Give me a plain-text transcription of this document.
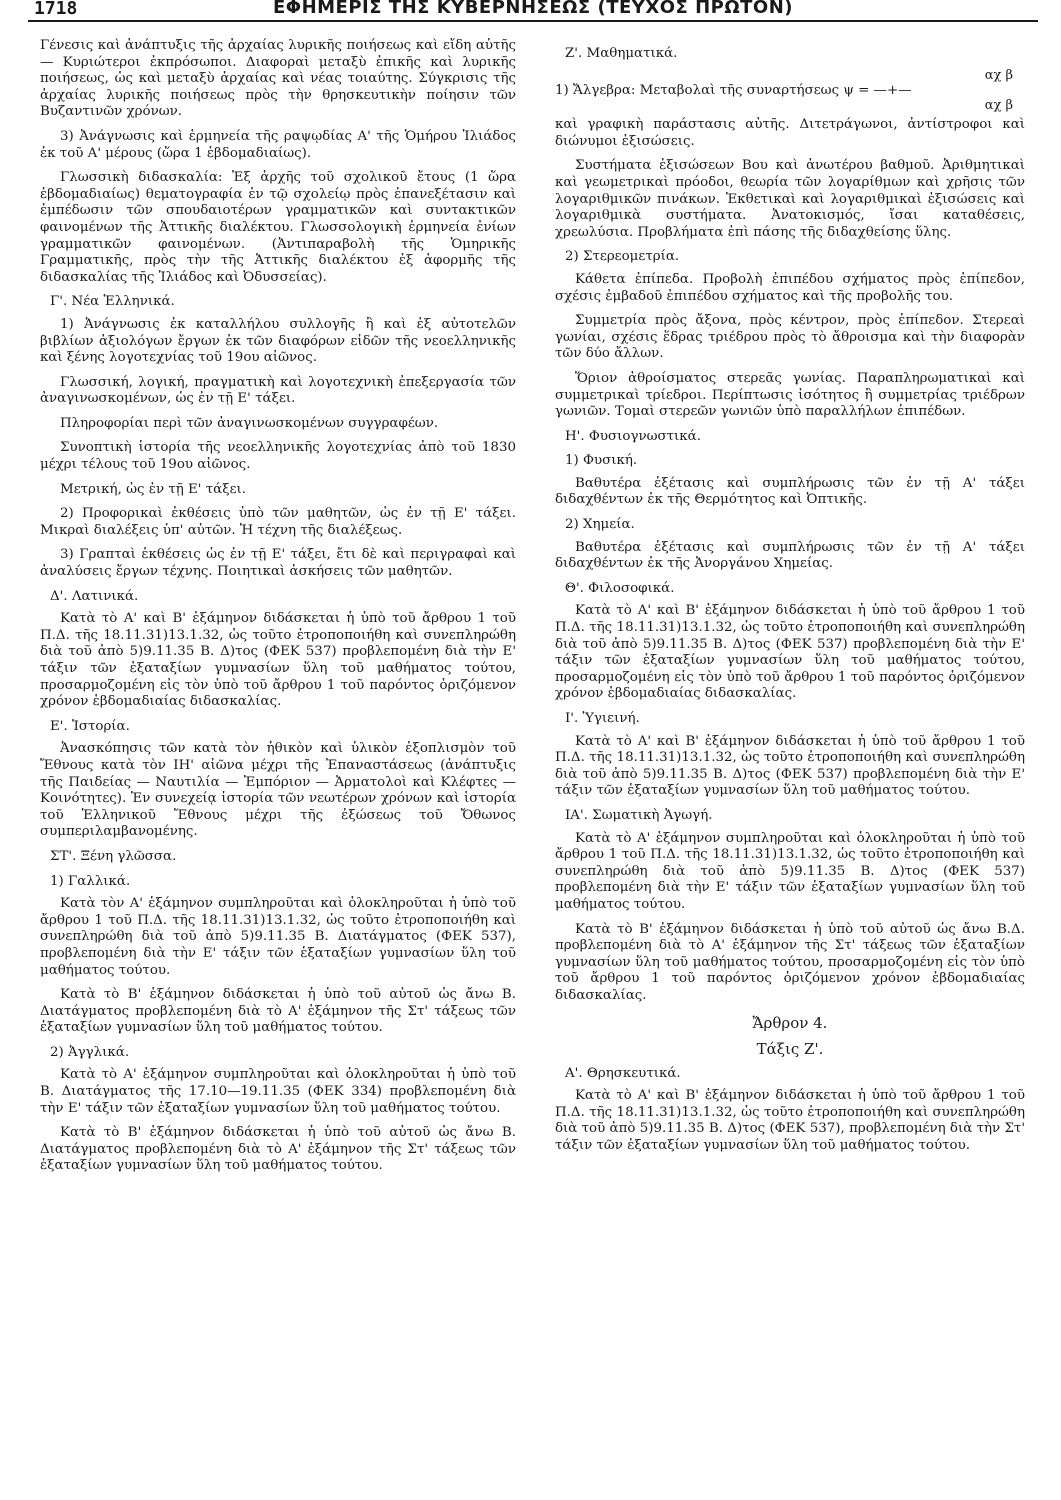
1718	ΕΦΗΜΕΡΙΣ ΤΗΣ ΚΥΒΕΡΝΗΣΕΩΣ (ΤΕΥΧΟΣ ΠΡΩΤΟΝ)

Γένεσις καὶ ἀνάπτυξις τῆς ἀρχαίας λυρικῆς ποιήσεως καὶ εἴδη αὐτῆς — Κυριώτεροι ἐκπρόσωποι. Διαφοραὶ μεταξὺ ἐπικῆς καὶ λυρικῆς ποιήσεως, ὡς καὶ μεταξὺ ἀρχαίας καὶ νέας τοιαύτης. Σύγκρισις τῆς ἀρχαίας λυρικῆς ποιήσεως πρὸς τὴν θρησκευτικὴν ποίησιν τῶν Βυζαντινῶν χρόνων.

3) Ἀνάγνωσις καὶ ἑρμηνεία τῆς ραψῳδίας Α' τῆς Ὁμήρου Ἰλιάδος ἐκ τοῦ Α' μέρους (ὥρα 1 ἑβδομαδιαίως).

Γλωσσικὴ διδασκαλία: Ἐξ ἀρχῆς τοῦ σχολικοῦ ἔτους (1 ὥρα ἑβδομαδιαίως) θεματογραφία ἐν τῷ σχολείῳ πρὸς ἐπανεξέτασιν καὶ ἐμπέδωσιν τῶν σπουδαιοτέρων γραμματικῶν καὶ συντακτικῶν φαινομένων τῆς Ἀττικῆς διαλέκτου. Γλωσσολογικὴ ἑρμηνεία ἐνίων γραμματικῶν φαινομένων. (Ἀντιπαραβολὴ τῆς Ὁμηρικῆς Γραμματικῆς, πρὸς τὴν τῆς Ἀττικῆς διαλέκτου ἐξ ἀφορμῆς τῆς διδασκαλίας τῆς Ἰλιάδος καὶ Ὀδυσσείας).

Γ'. Νέα Ἑλληνικά.

1) Ἀνάγνωσις ἐκ καταλλήλου συλλογῆς ἢ καὶ ἐξ αὐτοτελῶν βιβλίων ἀξιολόγων ἔργων ἐκ τῶν διαφόρων εἰδῶν τῆς νεοελληνικῆς καὶ ξένης λογοτεχνίας τοῦ 19ου αἰῶνος.

Γλωσσική, λογική, πραγματικὴ καὶ λογοτεχνικὴ ἐπεξεργασία τῶν ἀναγινωσκομένων, ὡς ἐν τῇ Ε' τάξει.

Πληροφορίαι περὶ τῶν ἀναγινωσκομένων συγγραφέων.

Συνοπτικὴ ἱστορία τῆς νεοελληνικῆς λογοτεχνίας ἀπὸ τοῦ 1830 μέχρι τέλους τοῦ 19ου αἰῶνος.

Μετρική, ὡς ἐν τῇ Ε' τάξει.

2) Προφορικαὶ ἐκθέσεις ὑπὸ τῶν μαθητῶν, ὡς ἐν τῇ Ε' τάξει. Μικραὶ διαλέξεις ὑπ' αὐτῶν. Ἡ τέχνη τῆς διαλέξεως.

3) Γραπταὶ ἐκθέσεις ὡς ἐν τῇ Ε' τάξει, ἔτι δὲ καὶ περιγραφαὶ καὶ ἀναλύσεις ἔργων τέχνης. Ποιητικαὶ ἀσκήσεις τῶν μαθητῶν.

Δ'. Λατινικά.

Κατὰ τὸ Α' καὶ Β' ἑξάμηνον διδάσκεται ἡ ὑπὸ τοῦ ἄρθρου 1 τοῦ Π.Δ. τῆς 18.11.31)13.1.32, ὡς τοῦτο ἐτροποποιήθη καὶ συνεπληρώθη διὰ τοῦ ἀπὸ 5)9.11.35 Β. Δ)τος (ΦΕΚ 537) προβλεπομένη διὰ τὴν Ε' τάξιν τῶν ἑξαταξίων γυμνασίων ὕλη τοῦ μαθήματος τούτου, προσαρμοζομένη εἰς τὸν ὑπὸ τοῦ ἄρθρου 1 τοῦ παρόντος ὁριζόμενον χρόνον ἑβδομαδιαίας διδασκαλίας.

Ε'. Ἱστορία.

Ἀνασκόπησις τῶν κατὰ τὸν ἠθικὸν καὶ ὑλικὸν ἐξοπλισμὸν τοῦ Ἔθνους κατὰ τὸν ΙΗ' αἰῶνα μέχρι τῆς Ἐπαναστάσεως (ἀνάπτυξις τῆς Παιδείας — Ναυτιλία — Ἐμπόριον — Ἀρματολοὶ καὶ Κλέφτες — Κοινότητες). Ἐν συνεχείᾳ ἱστορία τῶν νεωτέρων χρόνων καὶ ἱστορία τοῦ Ἑλληνικοῦ Ἔθνους μέχρι τῆς ἐξώσεως τοῦ Ὄθωνος συμπεριλαμβανομένης.

ΣΤ'. Ξένη γλῶσσα.
1) Γαλλικά.

Κατὰ τὸν Α' ἑξάμηνον συμπληροῦται καὶ ὁλοκληροῦται ἡ ὑπὸ τοῦ ἄρθρου 1 τοῦ Π.Δ. τῆς 18.11.31)13.1.32, ὡς τοῦτο ἐτροποποιήθη καὶ συνεπληρώθη διὰ τοῦ ἀπὸ 5)9.11.35 Β. Διατάγματος (ΦΕΚ 537), προβλεπομένη διὰ τὴν Ε' τάξιν τῶν ἑξαταξίων γυμνασίων ὕλη τοῦ μαθήματος τούτου.

Κατὰ τὸ Β' ἑξάμηνον διδάσκεται ἡ ὑπὸ τοῦ αὐτοῦ ὡς ἄνω Β. Διατάγματος προβλεπομένη διὰ τὸ Α' ἑξάμηνον τῆς Στ' τάξεως τῶν ἑξαταξίων γυμνασίων ὕλη τοῦ μαθήματος τούτου.

2) Ἀγγλικά.

Κατὰ τὸ Α' ἑξάμηνον συμπληροῦται καὶ ὁλοκληροῦται ἡ ὑπὸ τοῦ Β. Διατάγματος τῆς 17.10—19.11.35 (ΦΕΚ 334) προβλεπομένη διὰ τὴν Ε' τάξιν τῶν ἑξαταξίων γυμνασίων ὕλη τοῦ μαθήματος τούτου.

Κατὰ τὸ Β' ἑξάμηνον διδάσκεται ἡ ὑπὸ τοῦ αὐτοῦ ὡς ἄνω Β. Διατάγματος προβλεπομένη διὰ τὸ Α' ἑξάμηνον τῆς Στ' τάξεως τῶν ἑξαταξίων γυμνασίων ὕλη τοῦ μαθήματος τούτου.

Ζ'. Μαθηματικά.
αχ β
1) Ἄλγεβρα: Μεταβολαὶ τῆς συναρτήσεως ψ = —+—
αχ β

καὶ γραφικὴ παράστασις αὐτῆς. Διτετράγωνοι, ἀντίστροφοι καὶ διώνυμοι ἐξισώσεις.

Συστήματα ἐξισώσεων Βου καὶ ἀνωτέρου βαθμοῦ. Ἀριθμητικαὶ καὶ γεωμετρικαὶ πρόοδοι, θεωρία τῶν λογαρίθμων καὶ χρῆσις τῶν λογαριθμικῶν πινάκων. Ἐκθετικαὶ καὶ λογαριθμικαὶ ἐξισώσεις καὶ λογαριθμικὰ συστήματα. Ἀνατοκισμός, ἴσαι καταθέσεις, χρεωλύσια. Προβλήματα ἐπὶ πάσης τῆς διδαχθείσης ὕλης.

2) Στερεομετρία.

Κάθετα ἐπίπεδα. Προβολὴ ἐπιπέδου σχήματος πρὸς ἐπίπεδον, σχέσις ἐμβαδοῦ ἐπιπέδου σχήματος καὶ τῆς προβολῆς του.

Συμμετρία πρὸς ἄξονα, πρὸς κέντρον, πρὸς ἐπίπεδον. Στερεαὶ γωνίαι, σχέσις ἕδρας τριέδρου πρὸς τὸ ἄθροισμα καὶ τὴν διαφορὰν τῶν δύο ἄλλων.

Ὅριον ἀθροίσματος στερεᾶς γωνίας. Παραπληρωματικαὶ καὶ συμμετρικαὶ τρίεδροι. Περίπτωσις ἰσότητος ἢ συμμετρίας τριέδρων γωνιῶν. Τομαὶ στερεῶν γωνιῶν ὑπὸ παραλλήλων ἐπιπέδων.

Η'. Φυσιογνωστικά.
1) Φυσική.

Βαθυτέρα ἐξέτασις καὶ συμπλήρωσις τῶν ἐν τῇ Α' τάξει διδαχθέντων ἐκ τῆς Θερμότητος καὶ Ὀπτικῆς.

2) Χημεία.

Βαθυτέρα ἐξέτασις καὶ συμπλήρωσις τῶν ἐν τῇ Α' τάξει διδαχθέντων ἐκ τῆς Ἀνοργάνου Χημείας.

Θ'. Φιλοσοφικά.

Κατὰ τὸ Α' καὶ Β' ἑξάμηνον διδάσκεται ἡ ὑπὸ τοῦ ἄρθρου 1 τοῦ Π.Δ. τῆς 18.11.31)13.1.32, ὡς τοῦτο ἐτροποποιήθη καὶ συνεπληρώθη διὰ τοῦ ἀπὸ 5)9.11.35 Β. Δ)τος (ΦΕΚ 537) προβλεπομένη διὰ τὴν Ε' τάξιν τῶν ἑξαταξίων γυμνασίων ὕλη τοῦ μαθήματος τούτου, προσαρμοζομένη εἰς τὸν ὑπὸ τοῦ ἄρθρου 1 τοῦ παρόντος ὁριζόμενον χρόνον ἑβδομαδιαίας διδασκαλίας.

Ι'. Ὑγιεινή.

Κατὰ τὸ Α' καὶ Β' ἑξάμηνον διδάσκεται ἡ ὑπὸ τοῦ ἄρθρου 1 τοῦ Π.Δ. τῆς 18.11.31)13.1.32, ὡς τοῦτο ἐτροποποιήθη καὶ συνεπληρώθη διὰ τοῦ ἀπὸ 5)9.11.35 Β. Δ)τος (ΦΕΚ 537) προβλεπομένη διὰ τὴν Ε' τάξιν τῶν ἑξαταξίων γυμνασίων ὕλη τοῦ μαθήματος τούτου.

ΙΑ'. Σωματικὴ Ἀγωγή.

Κατὰ τὸ Α' ἑξάμηνον συμπληροῦται καὶ ὁλοκληροῦται ἡ ὑπὸ τοῦ ἄρθρου 1 τοῦ Π.Δ. τῆς 18.11.31)13.1.32, ὡς τοῦτο ἐτροποποιήθη καὶ συνεπληρώθη διὰ τοῦ ἀπὸ 5)9.11.35 Β. Δ)τος (ΦΕΚ 537) προβλεπομένη διὰ τὴν Ε' τάξιν τῶν ἑξαταξίων γυμνασίων ὕλη τοῦ μαθήματος τούτου.

Κατὰ τὸ Β' ἑξάμηνον διδάσκεται ἡ ὑπὸ τοῦ αὐτοῦ ὡς ἄνω Β.Δ. προβλεπομένη διὰ τὸ Α' ἑξάμηνον τῆς Στ' τάξεως τῶν ἑξαταξίων γυμνασίων ὕλη τοῦ μαθήματος τούτου, προσαρμοζομένη εἰς τὸν ὑπὸ τοῦ ἄρθρου 1 τοῦ παρόντος ὁριζόμενον χρόνον ἑβδομαδιαίας διδασκαλίας.

Ἄρθρον 4.
Τάξις Ζ'.
Α'. Θρησκευτικά.

Κατὰ τὸ Α' καὶ Β' ἑξάμηνον διδάσκεται ἡ ὑπὸ τοῦ ἄρθρου 1 τοῦ Π.Δ. τῆς 18.11.31)13.1.32, ὡς τοῦτο ἐτροποποιήθη καὶ συνεπληρώθη διὰ τοῦ ἀπὸ 5)9.11.35 Β. Δ)τος (ΦΕΚ 537), προβλεπομένη διὰ τὴν Στ' τάξιν τῶν ἑξαταξίων γυμνασίων ὕλη τοῦ μαθήματος τούτου.
